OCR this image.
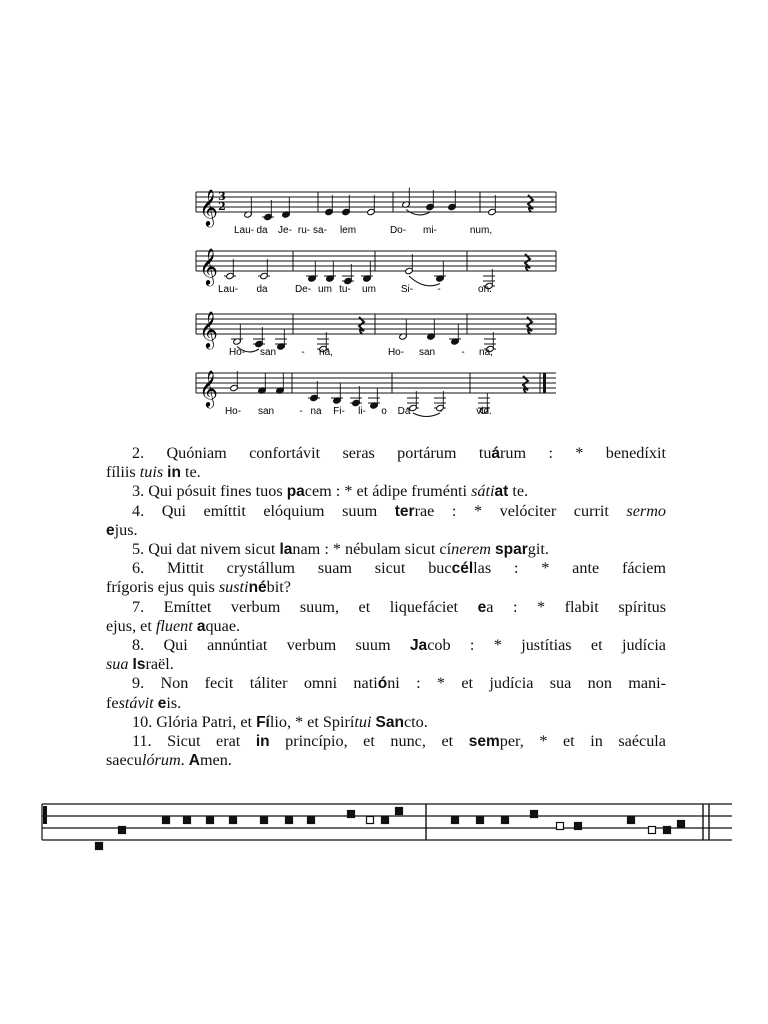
𝄞 3
2
Lau- da Je- ru- sa- lem	Do- mi-	num,
𝄞
Lau- da	De- um tu- um Si- -	on.
𝄞
Ho- san	- na,	Ho- san	- na,
𝄞
Ho- san	- na Fi- li- o Da	-	vid.

2. Quóniam confortávit seras portárum tuárum : * benedíxit

fíliis tuis in te.

3. Qui pósuit fines tuos pacem : * et ádipe fruménti sátiat te.

4. Qui emíttit elóquium suum terrae : * velóciter currit sermo

ejus.

5. Qui dat nivem sicut lanam : * nébulam sicut cínerem spargit.

6. Mittit crystállum suam sicut buccéllas : * ante fáciem

frígoris ejus quis sustinébit?

7. Emíttet verbum suum, et liquefáciet ea : * flabit spíritus

ejus, et fluent aquae.

8. Qui annúntiat verbum suum Jacob : * justítias et judícia

sua Israël.

9. Non fecit táliter omni natióni : * et judícia sua non mani-

festávit eis.

10. Glória Patri, et Fílio, * et Spirítui Sancto.

11. Sicut erat in princípio, et nunc, et semper, * et in saécula

saeculórum. Amen.
